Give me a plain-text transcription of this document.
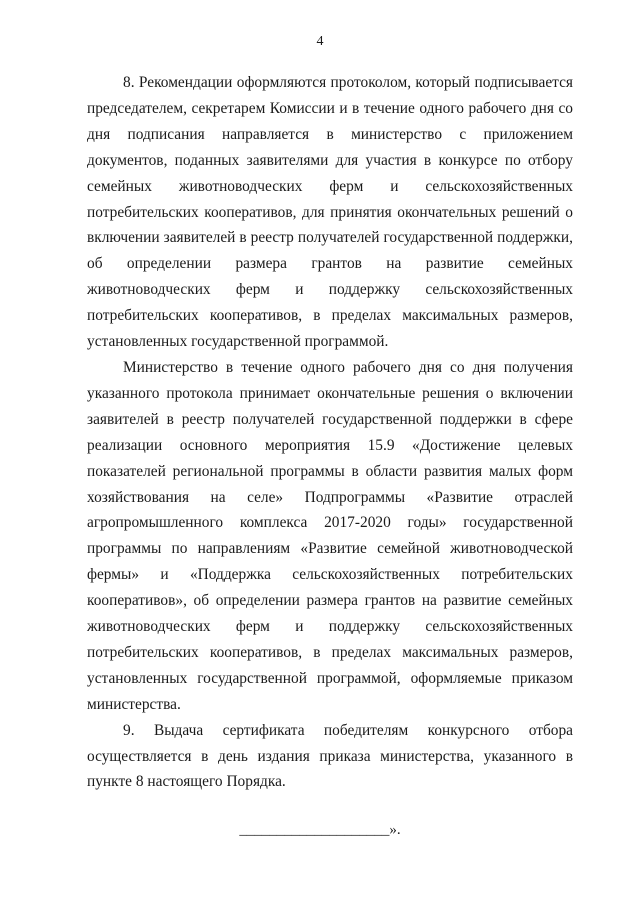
4

8. Рекомендации оформляются протоколом, который подписывается председателем, секретарем Комиссии и в течение одного рабочего дня со дня подписания направляется в министерство с приложением документов, поданных заявителями для участия в конкурсе по отбору семейных животноводческих ферм и сельскохозяйственных потребительских кооперативов, для принятия окончательных решений о включении заявителей в реестр получателей государственной поддержки, об определении размера грантов на развитие семейных животноводческих ферм и поддержку сельскохозяйственных потребительских кооперативов, в пределах максимальных размеров, установленных государственной программой.

Министерство в течение одного рабочего дня со дня получения указанного протокола принимает окончательные решения о включении заявителей в реестр получателей государственной поддержки в сфере реализации основного мероприятия 15.9 «Достижение целевых показателей региональной программы в области развития малых форм хозяйствования на селе» Подпрограммы «Развитие отраслей агропромышленного комплекса 2017-2020 годы» государственной программы по направлениям «Развитие семейной животноводческой фермы» и «Поддержка сельскохозяйственных потребительских кооперативов», об определении размера грантов на развитие семейных животноводческих ферм и поддержку сельскохозяйственных потребительских кооперативов, в пределах максимальных размеров, установленных государственной программой, оформляемые приказом министерства.

9. Выдача сертификата победителям конкурсного отбора осуществляется в день издания приказа министерства, указанного в пункте 8 настоящего Порядка.

____________________».
